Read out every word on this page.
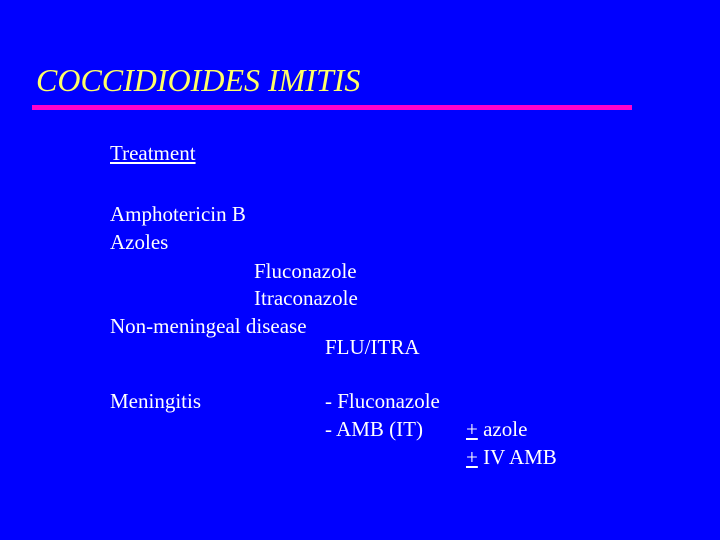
COCCIDIOIDES IMITIS
Treatment
Amphotericin B
Azoles
Fluconazole
Itraconazole
Non-meningeal disease
FLU/ITRA
Meningitis	- Fluconazole
- AMB (IT) + azole
+ IV AMB
